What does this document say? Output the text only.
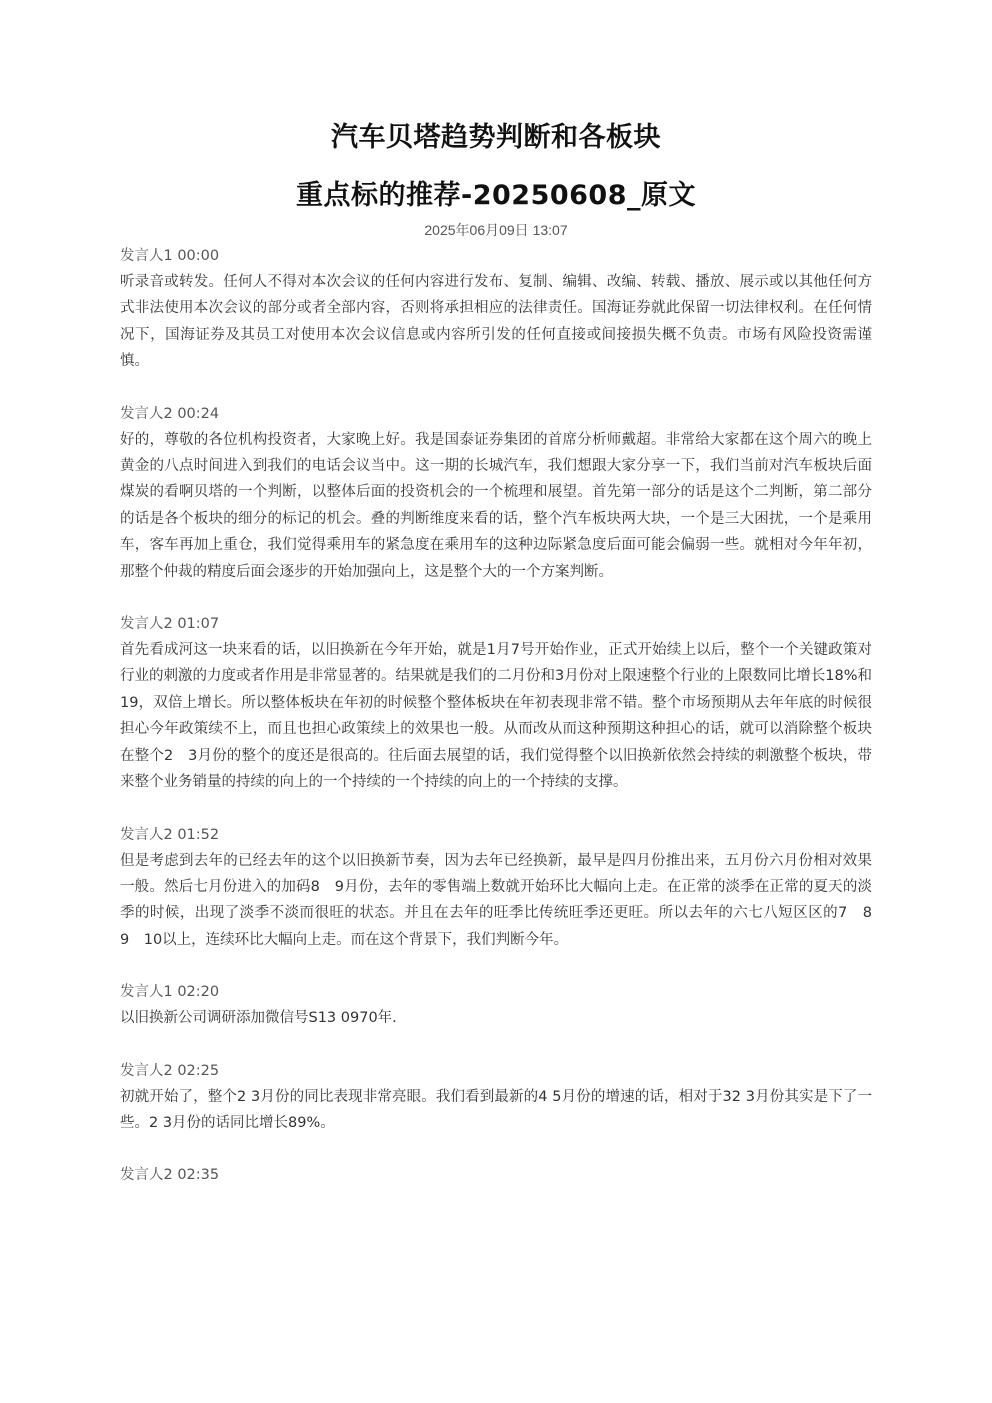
汽车贝塔趋势判断和各板块
重点标的推荐-20250608_原文
2025年06月09日 13:07
发言人1 00:00
听录音或转发。任何人不得对本次会议的任何内容进行发布、复制、编辑、改编、转载、播放、展示或以其他任何方式非法使用本次会议的部分或者全部内容，否则将承担相应的法律责任。国海证券就此保留一切法律权利。在任何情况下，国海证券及其员工对使用本次会议信息或内容所引发的任何直接或间接损失概不负责。市场有风险投资需谨慎。
发言人2 00:24
好的，尊敬的各位机构投资者，大家晚上好。我是国泰证券集团的首席分析师戴超。非常给大家都在这个周六的晚上黄金的八点时间进入到我们的电话会议当中。这一期的长城汽车，我们想跟大家分享一下，我们当前对汽车板块后面煤炭的看啊贝塔的一个判断，以整体后面的投资机会的一个梳理和展望。首先第一部分的话是这个二判断，第二部分的话是各个板块的细分的标记的机会。叠的判断维度来看的话，整个汽车板块两大块，一个是三大困扰，一个是乘用车，客车再加上重仓，我们觉得乘用车的紧急度在乘用车的这种边际紧急度后面可能会偏弱一些。就相对今年年初，那整个仲裁的精度后面会逐步的开始加强向上，这是整个大的一个方案判断。
发言人2 01:07
首先看成河这一块来看的话，以旧换新在今年开始，就是1月7号开始作业，正式开始续上以后，整个一个关键政策对行业的刺激的力度或者作用是非常显著的。结果就是我们的二月份和3月份对上限速整个行业的上限数同比增长18%和19，双倍上增长。所以整体板块在年初的时候整个整体板块在年初表现非常不错。整个市场预期从去年年底的时候很担心今年政策续不上，而且也担心政策续上的效果也一般。从而改从而这种预期这种担心的话，就可以消除整个板块在整个2　3月份的整个的度还是很高的。往后面去展望的话，我们觉得整个以旧换新依然会持续的刺激整个板块，带来整个业务销量的持续的向上的一个持续的一个持续的向上的一个持续的支撑。
发言人2 01:52
但是考虑到去年的已经去年的这个以旧换新节奏，因为去年已经换新，最早是四月份推出来，五月份六月份相对效果一般。然后七月份进入的加码8　9月份，去年的零售端上数就开始环比大幅向上走。在正常的淡季在正常的夏天的淡季的时候，出现了淡季不淡而很旺的状态。并且在去年的旺季比传统旺季还更旺。所以去年的六七八短区区的7　8　9　10以上，连续环比大幅向上走。而在这个背景下，我们判断今年。
发言人1 02:20
以旧换新公司调研添加微信号S13 0970年.
发言人2 02:25
初就开始了，整个2 3月份的同比表现非常亮眼。我们看到最新的4 5月份的增速的话，相对于32 3月份其实是下了一些。2 3月份的话同比增长89%。
发言人2 02:35
